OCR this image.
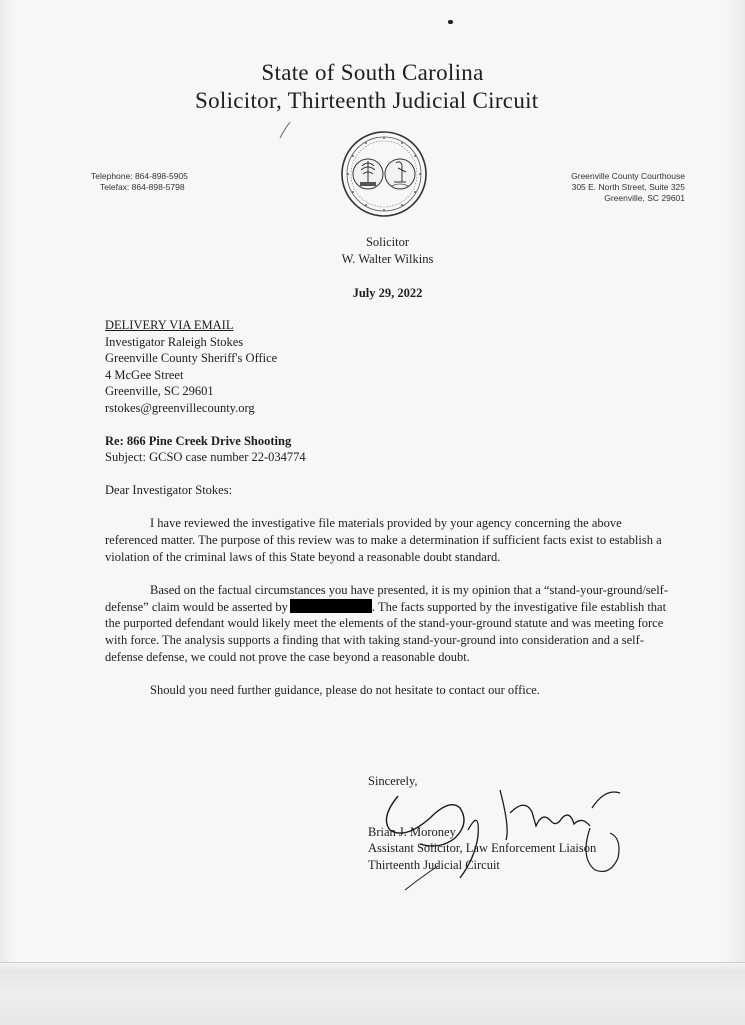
State of South Carolina
Solicitor, Thirteenth Judicial Circuit
Telephone: 864-898-5905
Telefax: 864-898-5798
Greenville County Courthouse
305 E. North Street, Suite 325
Greenville, SC 29601
Solicitor
W. Walter Wilkins
July 29, 2022

DELIVERY VIA EMAIL

Investigator Raleigh Stokes

Greenville County Sheriff's Office

4 McGee Street

Greenville, SC 29601

rstokes@greenvillecounty.org

Re: 866 Pine Creek Drive Shooting

Subject: GCSO case number 22-034774

Dear Investigator Stokes:

I have reviewed the investigative file materials provided by your agency concerning the above referenced matter. The purpose of this review was to make a determination if sufficient facts exist to establish a violation of the criminal laws of this State beyond a reasonable doubt standard.

Based on the factual circumstances you have presented, it is my opinion that a “stand-your-ground/self-defense” claim would be asserted by	. The facts supported by the investigative file establish that the purported defendant would likely meet the elements of the stand-your-ground statute and was meeting force with force. The analysis supports a finding that with taking stand-your-ground into consideration and a self-defense defense, we could not prove the case beyond a reasonable doubt.

Should you need further guidance, please do not hesitate to contact our office.

Sincerely,
Brian J. Moroney
Assistant Solicitor, Law Enforcement Liaison
Thirteenth Judicial Circuit
